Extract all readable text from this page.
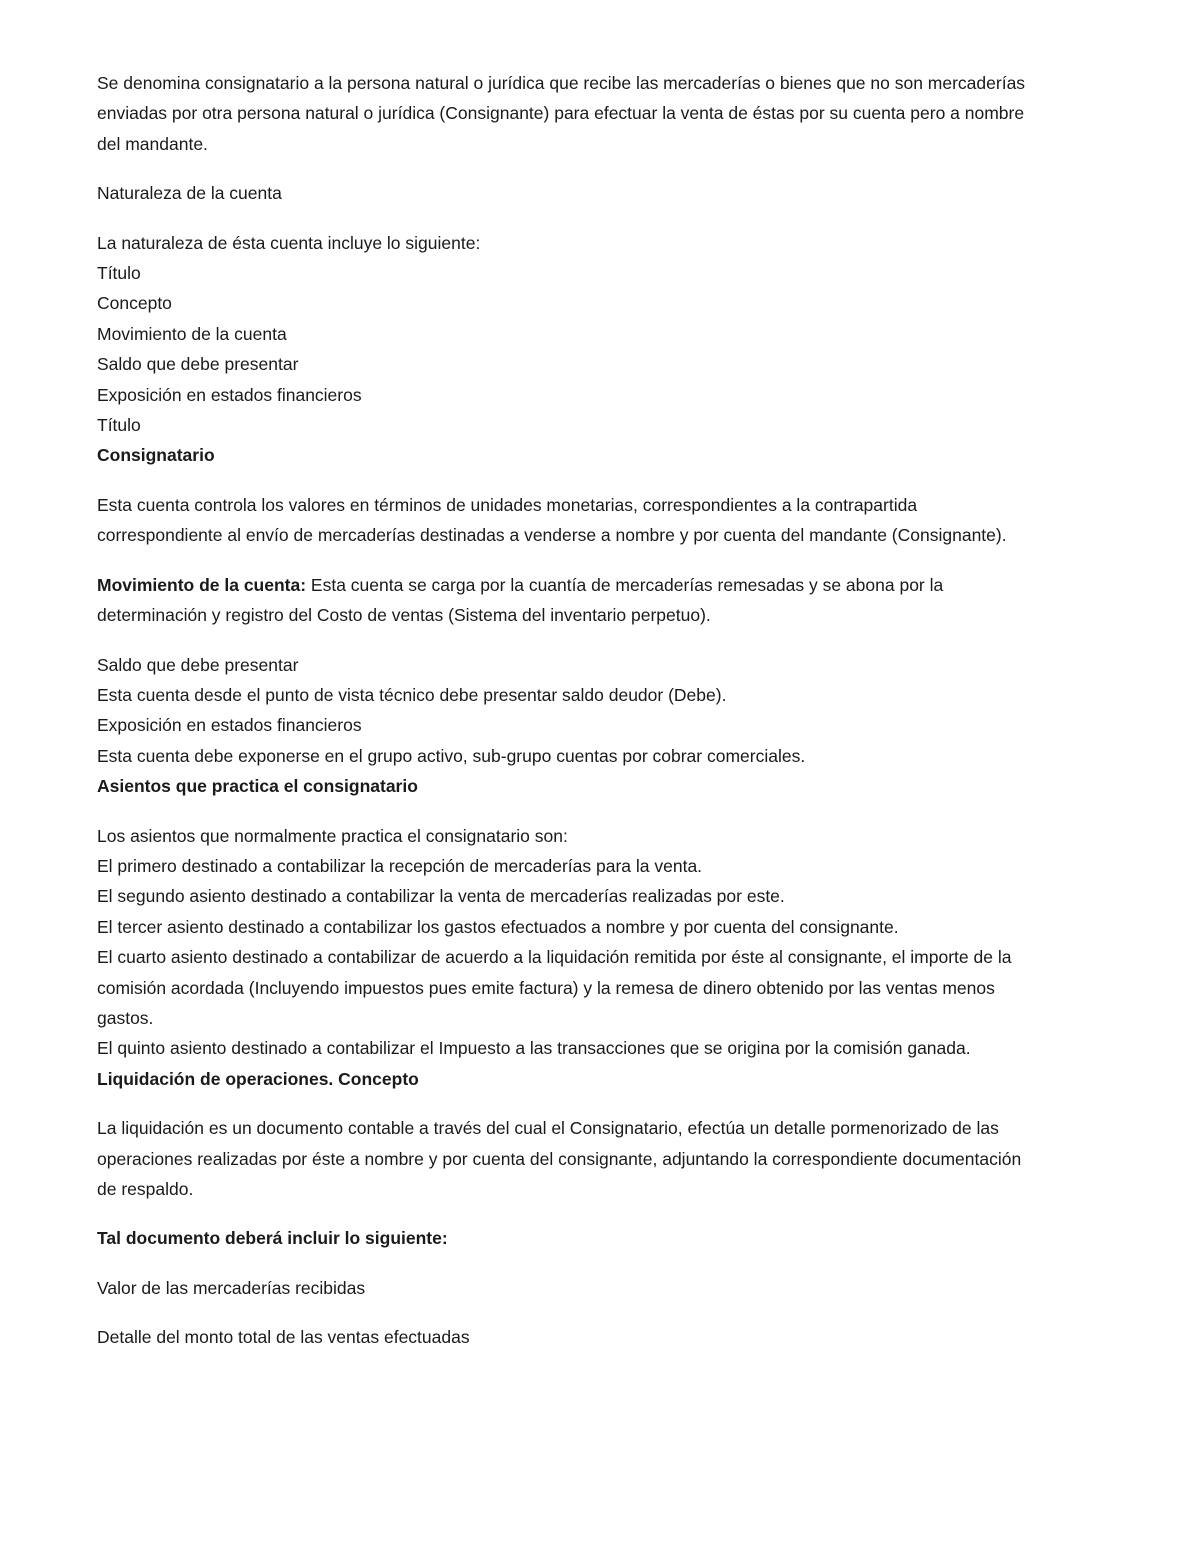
Se denomina consignatario a la persona natural o jurídica que recibe las mercaderías o bienes que no son mercaderías enviadas por otra persona natural o jurídica (Consignante) para efectuar la venta de éstas por su cuenta pero a nombre del mandante.

Naturaleza de la cuenta

La naturaleza de ésta cuenta incluye lo siguiente:

Título

Concepto

Movimiento de la cuenta

Saldo que debe presentar

Exposición en estados financieros

Título

Consignatario

Esta cuenta controla los valores en términos de unidades monetarias, correspondientes a la contrapartida correspondiente al envío de mercaderías destinadas a venderse a nombre y por cuenta del mandante (Consignante).

Movimiento de la cuenta: Esta cuenta se carga por la cuantía de mercaderías remesadas y se abona por la determinación y registro del Costo de ventas (Sistema del inventario perpetuo).

Saldo que debe presentar

Esta cuenta desde el punto de vista técnico debe presentar saldo deudor (Debe).

Exposición en estados financieros

Esta cuenta debe exponerse en el grupo activo, sub-grupo cuentas por cobrar comerciales.

Asientos que practica el consignatario

Los asientos que normalmente practica el consignatario son:

El primero destinado a contabilizar la recepción de mercaderías para la venta.

El segundo asiento destinado a contabilizar la venta de mercaderías realizadas por este.

El tercer asiento destinado a contabilizar los gastos efectuados a nombre y por cuenta del consignante.

El cuarto asiento destinado a contabilizar de acuerdo a la liquidación remitida por éste al consignante, el importe de la comisión acordada (Incluyendo impuestos pues emite factura) y la remesa de dinero obtenido por las ventas menos gastos.

El quinto asiento destinado a contabilizar el Impuesto a las transacciones que se origina por la comisión ganada.

Liquidación de operaciones. Concepto

La liquidación es un documento contable a través del cual el Consignatario, efectúa un detalle pormenorizado de las operaciones realizadas por éste a nombre y por cuenta del consignante, adjuntando la correspondiente documentación de respaldo.

Tal documento deberá incluir lo siguiente:

Valor de las mercaderías recibidas

Detalle del monto total de las ventas efectuadas
